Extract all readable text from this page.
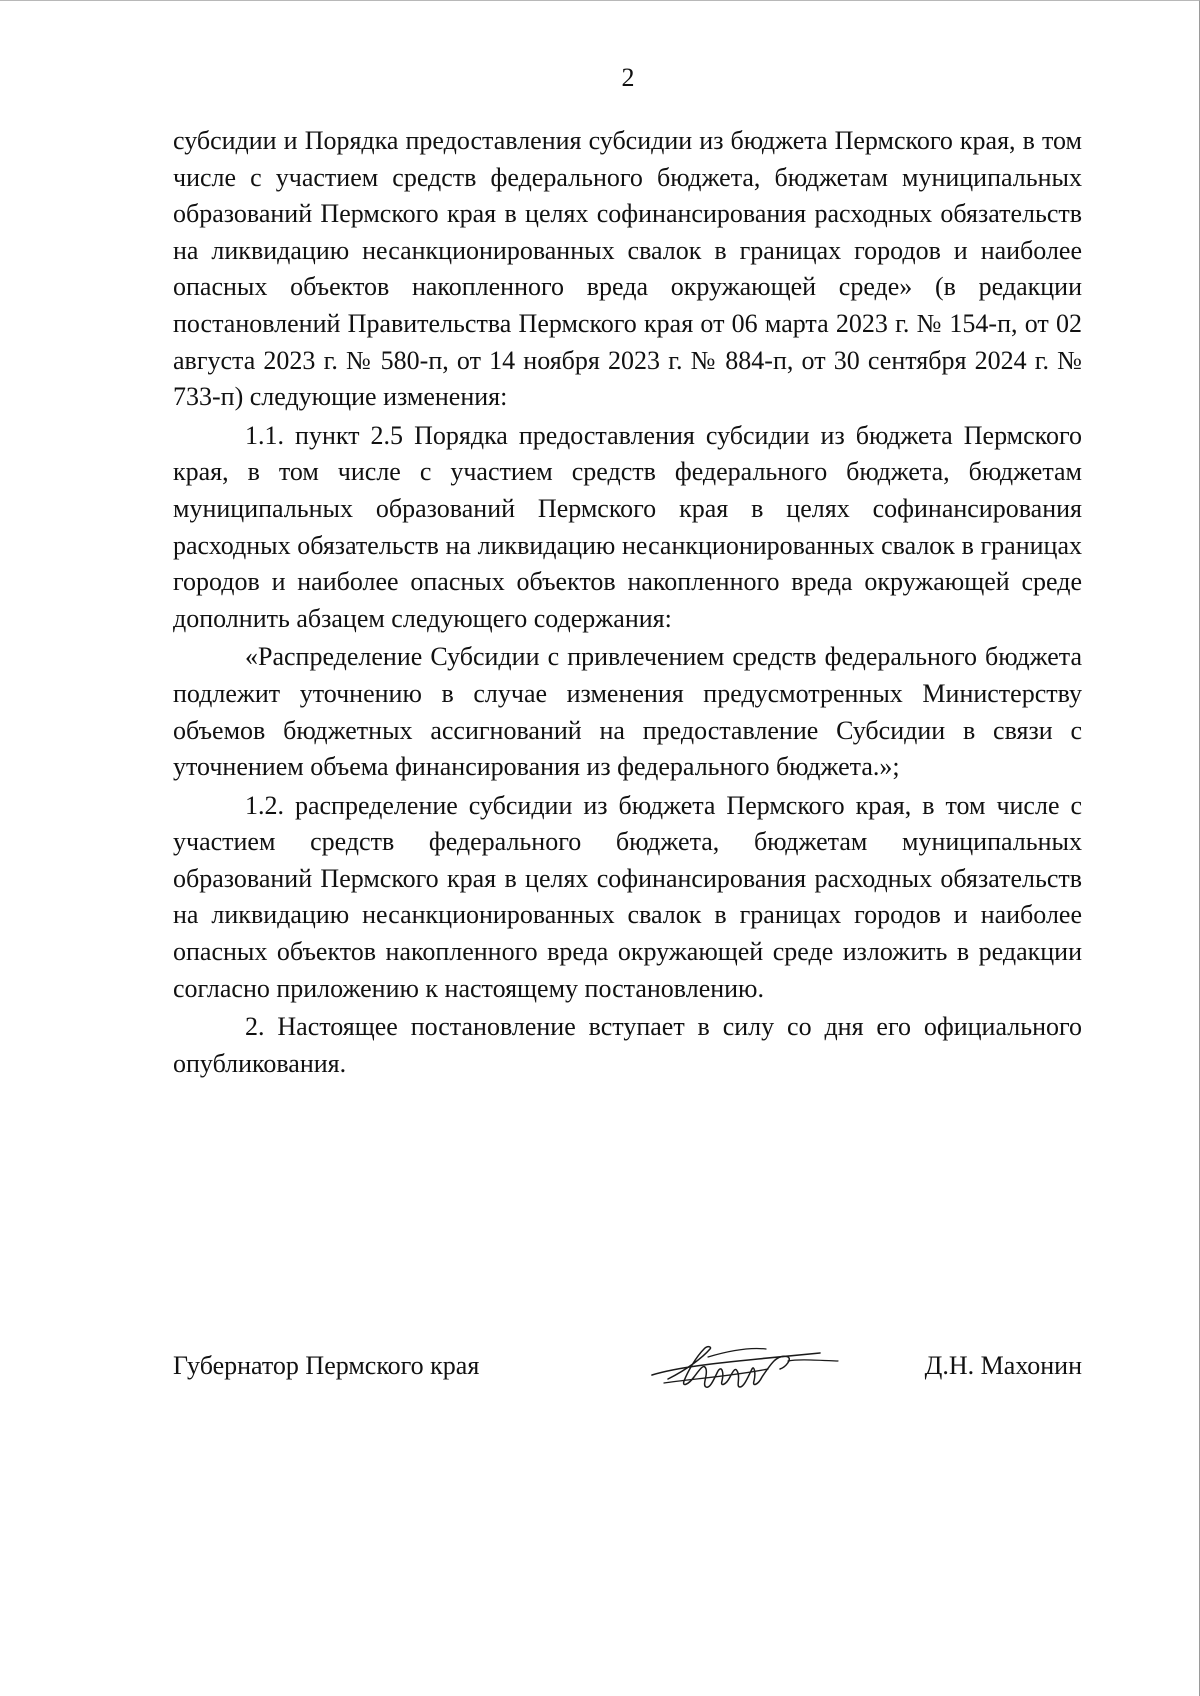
2

субсидии и Порядка предоставления субсидии из бюджета Пермского края, в том числе с участием средств федерального бюджета, бюджетам муниципальных образований Пермского края в целях софинансирования расходных обязательств на ликвидацию несанкционированных свалок в границах городов и наиболее опасных объектов накопленного вреда окружающей среде» (в редакции постановлений Правительства Пермского края от 06 марта 2023 г. № 154-п, от 02 августа 2023 г. № 580-п, от 14 ноября 2023 г. № 884-п, от 30 сентября 2024 г. № 733-п) следующие изменения:

1.1. пункт 2.5 Порядка предоставления субсидии из бюджета Пермского края, в том числе с участием средств федерального бюджета, бюджетам муниципальных образований Пермского края в целях софинансирования расходных обязательств на ликвидацию несанкционированных свалок в границах городов и наиболее опасных объектов накопленного вреда окружающей среде дополнить абзацем следующего содержания:

«Распределение Субсидии с привлечением средств федерального бюджета подлежит уточнению в случае изменения предусмотренных Министерству объемов бюджетных ассигнований на предоставление Субсидии в связи с уточнением объема финансирования из федерального бюджета.»;

1.2. распределение субсидии из бюджета Пермского края, в том числе с участием средств федерального бюджета, бюджетам муниципальных образований Пермского края в целях софинансирования расходных обязательств на ликвидацию несанкционированных свалок в границах городов и наиболее опасных объектов накопленного вреда окружающей среде изложить в редакции согласно приложению к настоящему постановлению.

2. Настоящее постановление вступает в силу со дня его официального опубликования.

Губернатор Пермского края	Д.Н. Махонин
